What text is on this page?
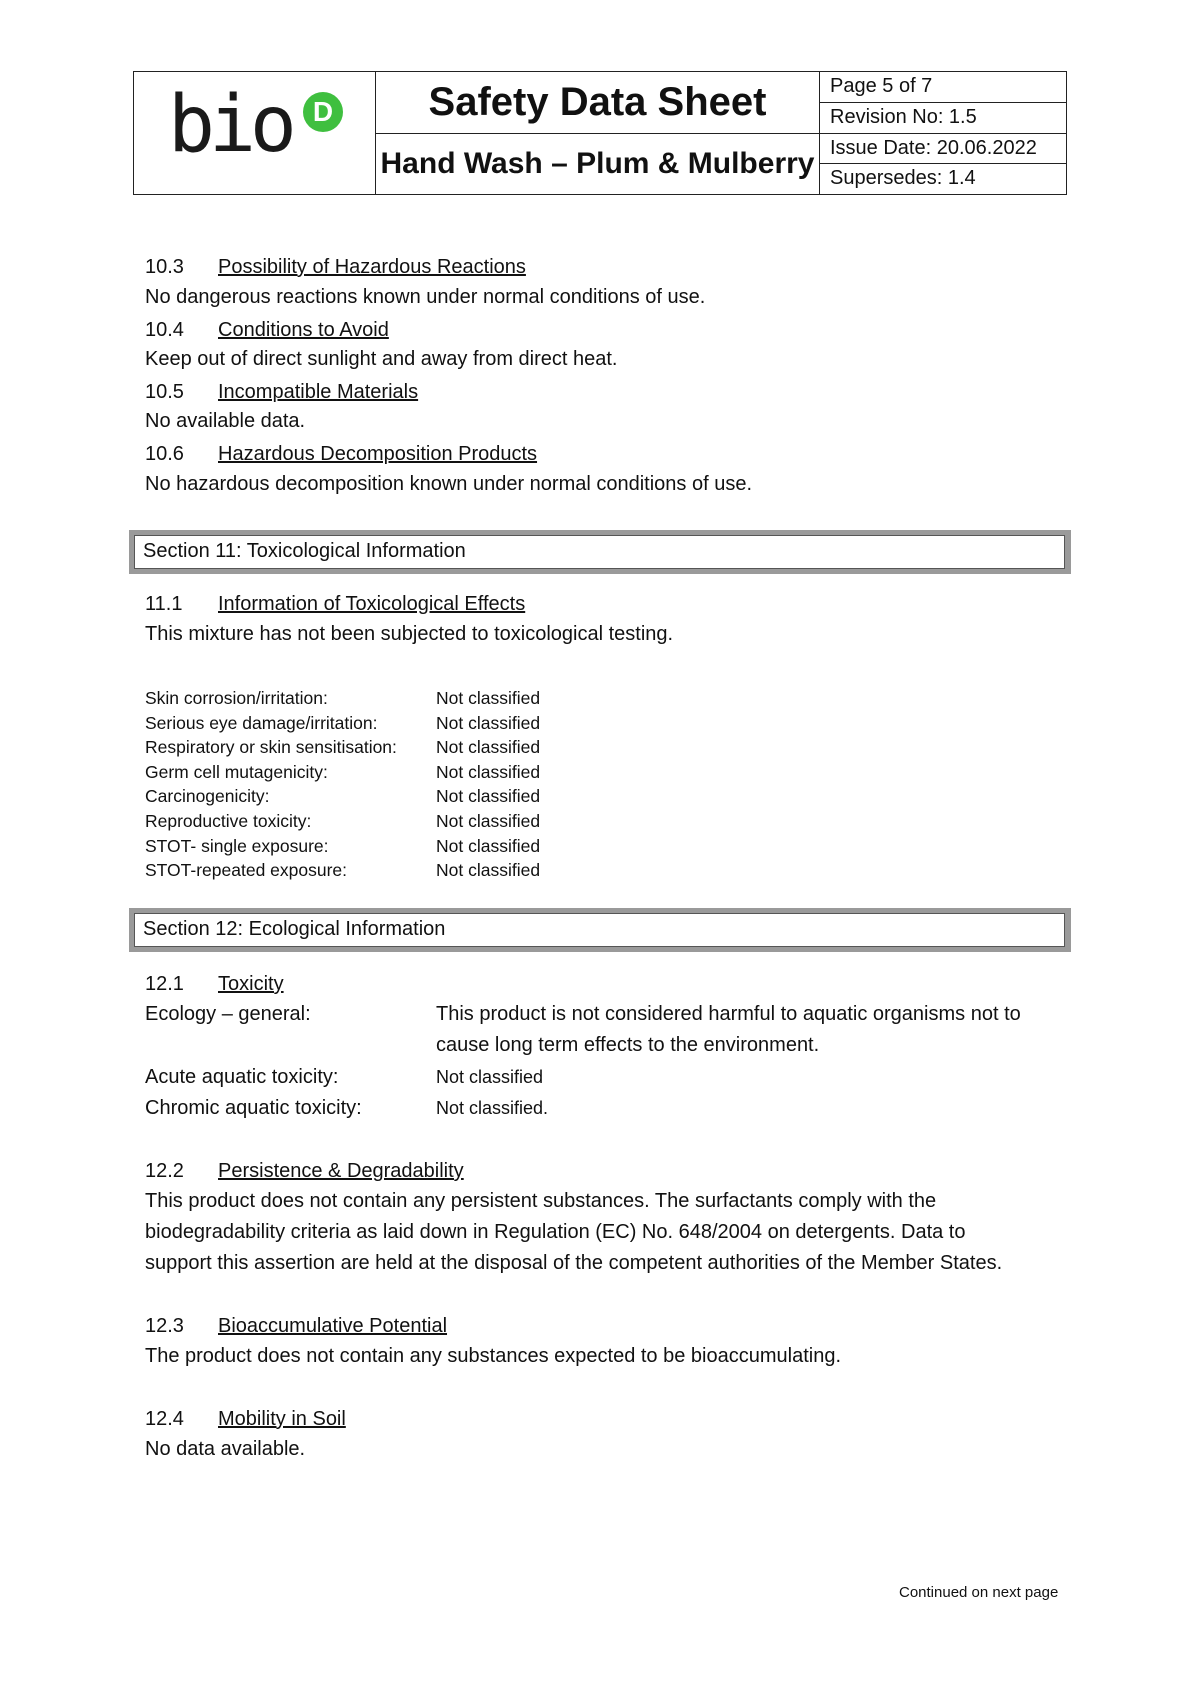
bio D	Safety Data Sheet
Hand Wash – Plum & Mulberry
Page 5 of 7
Revision No: 1.5
Issue Date: 20.06.2022
Supersedes: 1.4
10.3 Possibility of Hazardous Reactions
No dangerous reactions known under normal conditions of use.
10.4 Conditions to Avoid
Keep out of direct sunlight and away from direct heat.
10.5 Incompatible Materials
No available data.
10.6 Hazardous Decomposition Products
No hazardous decomposition known under normal conditions of use.
Section 11: Toxicological Information
11.1 Information of Toxicological Effects
This mixture has not been subjected to toxicological testing.
Skin corrosion/irritation:	Not classified
Serious eye damage/irritation:	Not classified
Respiratory or skin sensitisation:	Not classified
Germ cell mutagenicity:	Not classified
Carcinogenicity:	Not classified
Reproductive toxicity:	Not classified
STOT- single exposure:	Not classified
STOT-repeated exposure:	Not classified
Section 12: Ecological Information
12.1 Toxicity
Ecology – general:	This product is not considered harmful to aquatic organisms not to
cause long term effects to the environment.
Acute aquatic toxicity:	Not classified
Chromic aquatic toxicity:	Not classified.
12.2 Persistence & Degradability
This product does not contain any persistent substances. The surfactants comply with the
biodegradability criteria as laid down in Regulation (EC) No. 648/2004 on detergents. Data to
support this assertion are held at the disposal of the competent authorities of the Member States.
12.3 Bioaccumulative Potential
The product does not contain any substances expected to be bioaccumulating.
12.4 Mobility in Soil
No data available.
Continued on next page
